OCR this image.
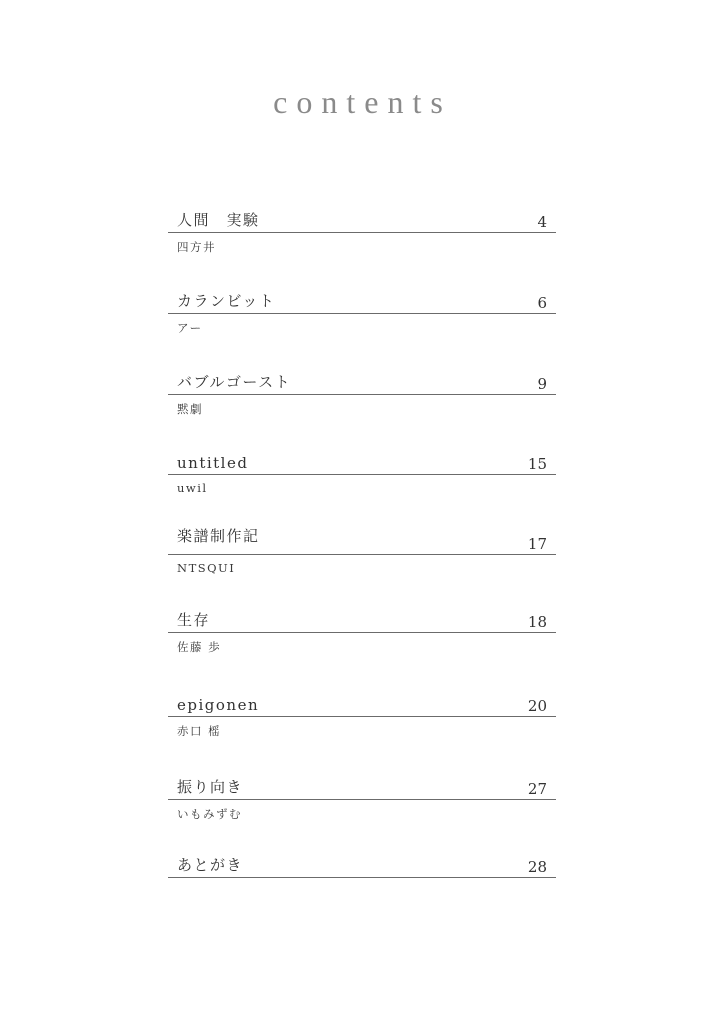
contents
人間　実験	4
四方井
カランビット	6
アー
バブルゴースト	9
黙劇
untitled	15
uwil
楽譜制作記	17
NTSQUI
生存	18
佐藤 歩
epigonen	20
赤口 榣
振り向き	27
いもみずむ
あとがき	28
